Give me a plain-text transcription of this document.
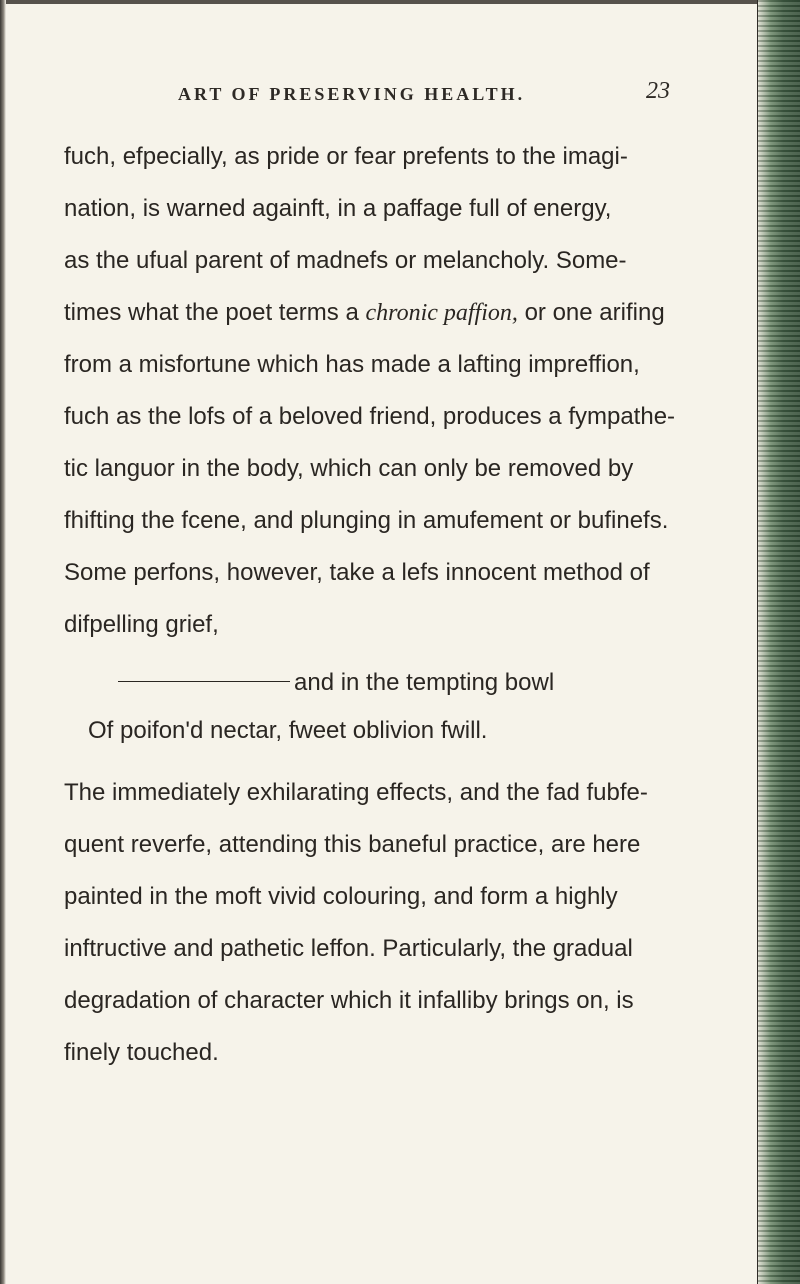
ART OF PRESERVING HEALTH.	23
fuch, efpecially, as pride or fear prefents to the imagi-
nation, is warned againft, in a paffage full of energy,
as the ufual parent of madnefs or melancholy. Some-
times what the poet terms a chronic paffion, or one arifing
from a misfortune which has made a lafting impreffion,
fuch as the lofs of a beloved friend, produces a fympathe-
tic languor in the body, which can only be removed by
fhifting the fcene, and plunging in amufement or bufinefs.
Some perfons, however, take a lefs innocent method of
difpelling grief,
and in the tempting bowl
Of poifon'd nectar, fweet oblivion fwill.
The immediately exhilarating effects, and the fad fubfe-
quent reverfe, attending this baneful practice, are here
painted in the moft vivid colouring, and form a highly
inftructive and pathetic leffon. Particularly, the gradual
degradation of character which it infalliby brings on, is
finely touched.
